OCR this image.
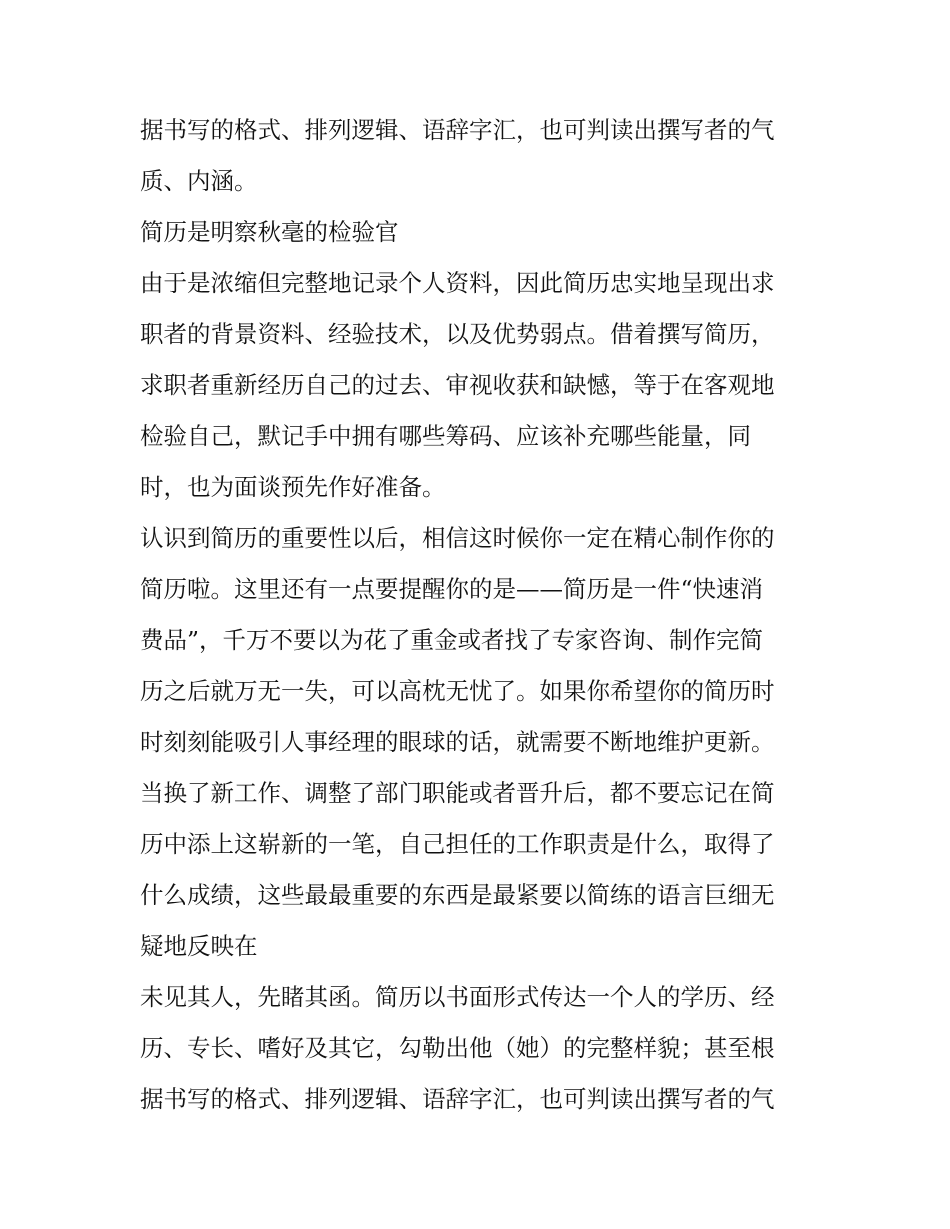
据书写的格式、排列逻辑、语辞字汇，也可判读出撰写者的气
质、内涵。
简历是明察秋毫的检验官
由于是浓缩但完整地记录个人资料，因此简历忠实地呈现出求
职者的背景资料、经验技术，以及优势弱点。借着撰写简历，
求职者重新经历自己的过去、审视收获和缺憾，等于在客观地
检验自己，默记手中拥有哪些筹码、应该补充哪些能量，同
时，也为面谈预先作好准备。
认识到简历的重要性以后，相信这时候你一定在精心制作你的
简历啦。这里还有一点要提醒你的是——简历是一件“快速消
费品”，千万不要以为花了重金或者找了专家咨询、制作完简
历之后就万无一失，可以高枕无忧了。如果你希望你的简历时
时刻刻能吸引人事经理的眼球的话，就需要不断地维护更新。
当换了新工作、调整了部门职能或者晋升后，都不要忘记在简
历中添上这崭新的一笔，自己担任的工作职责是什么，取得了
什么成绩，这些最最重要的东西是最紧要以简练的语言巨细无
疑地反映在
未见其人，先睹其函。简历以书面形式传达一个人的学历、经
历、专长、嗜好及其它，勾勒出他（她）的完整样貌；甚至根
据书写的格式、排列逻辑、语辞字汇，也可判读出撰写者的气
